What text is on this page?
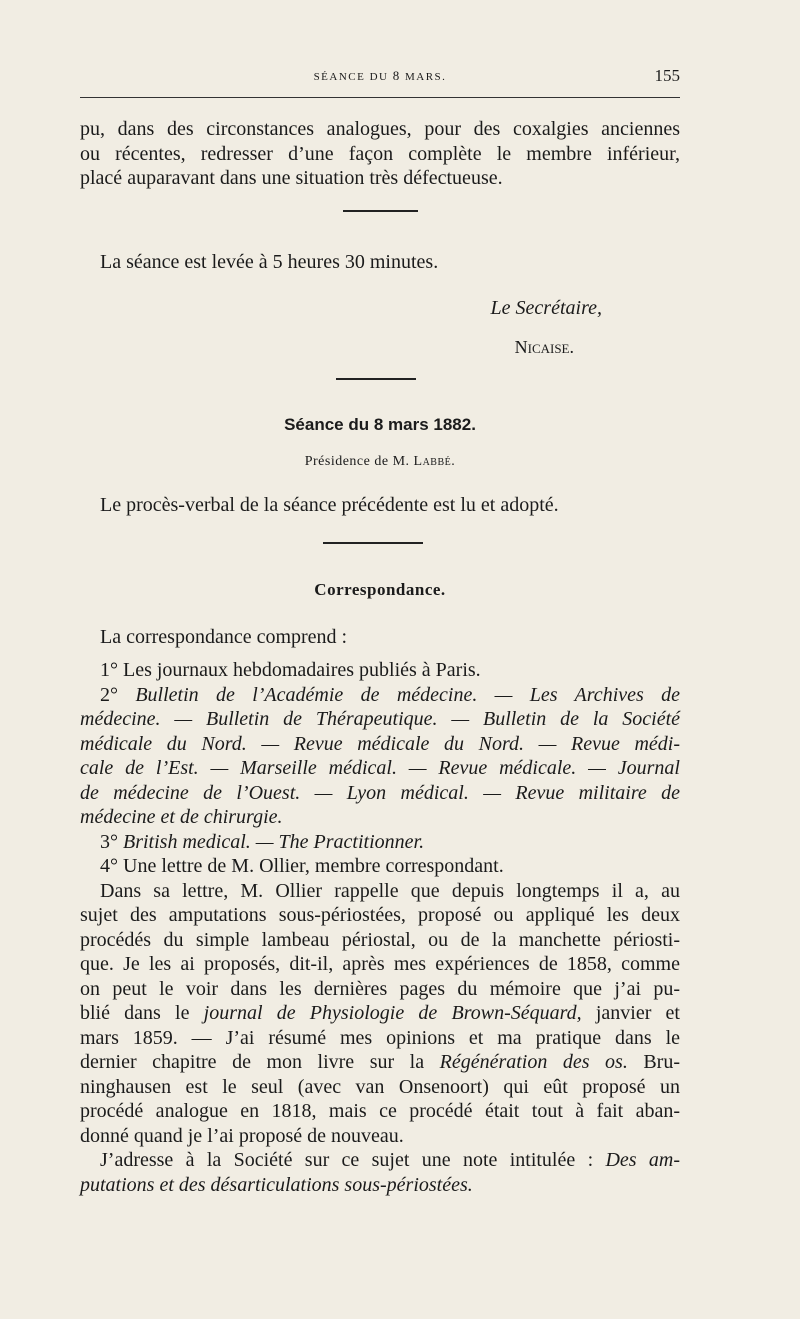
SÉANCE DU 8 MARS.	155
pu, dans des circonstances analogues, pour des coxalgies anciennes
ou récentes, redresser d’une façon complète le membre inférieur,
placé auparavant dans une situation très défectueuse.
La séance est levée à 5 heures 30 minutes.
Le Secrétaire,
Nicaise.
Séance du 8 mars 1882.
Présidence de M. Labbé.
Le procès-verbal de la séance précédente est lu et adopté.
Correspondance.
La correspondance comprend :
1° Les journaux hebdomadaires publiés à Paris.
2° Bulletin de l’Académie de médecine. — Les Archives de
médecine. — Bulletin de Thérapeutique. — Bulletin de la Société
médicale du Nord. — Revue médicale du Nord. — Revue médi-
cale de l’Est. — Marseille médical. — Revue médicale. — Journal
de médecine de l’Ouest. — Lyon médical. — Revue militaire de
médecine et de chirurgie.
3° British medical. — The Practitionner.
4° Une lettre de M. Ollier, membre correspondant.
Dans sa lettre, M. Ollier rappelle que depuis longtemps il a, au
sujet des amputations sous-périostées, proposé ou appliqué les deux
procédés du simple lambeau périostal, ou de la manchette périosti-
que. Je les ai proposés, dit-il, après mes expériences de 1858, comme
on peut le voir dans les dernières pages du mémoire que j’ai pu-
blié dans le journal de Physiologie de Brown-Séquard, janvier et
mars 1859. — J’ai résumé mes opinions et ma pratique dans le
dernier chapitre de mon livre sur la Régénération des os. Bru-
ninghausen est le seul (avec van Onsenoort) qui eût proposé un
procédé analogue en 1818, mais ce procédé était tout à fait aban-
donné quand je l’ai proposé de nouveau.
J’adresse à la Société sur ce sujet une note intitulée : Des am-
putations et des désarticulations sous-périostées.
